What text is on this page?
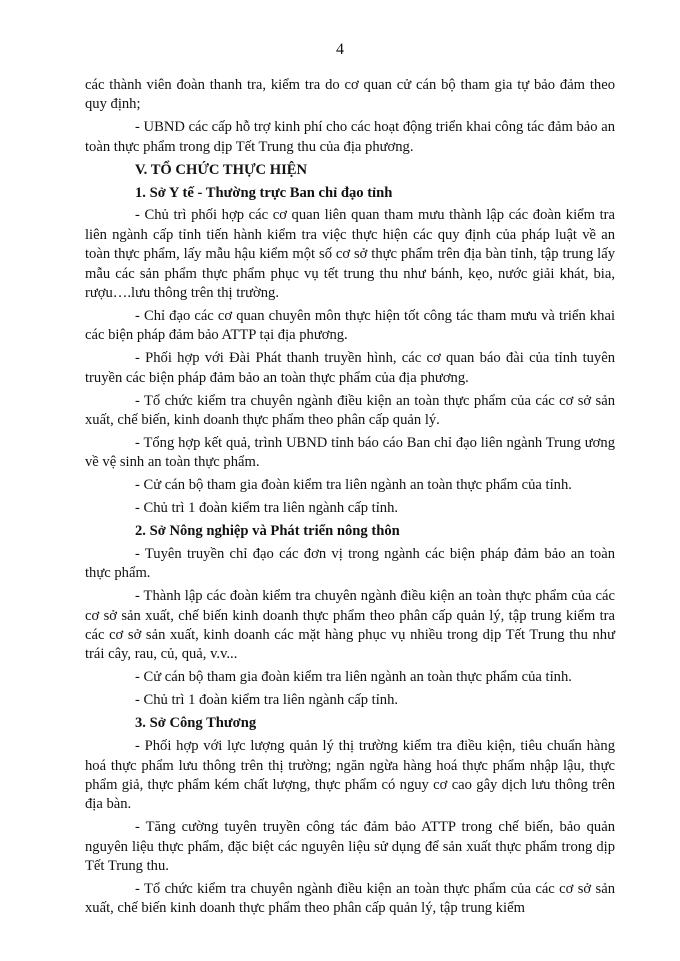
4

các thành viên đoàn thanh tra, kiểm tra do cơ quan cử cán bộ tham gia tự bảo đảm theo quy định;

- UBND các cấp hỗ trợ kinh phí cho các hoạt động triển khai công tác đảm bảo an toàn thực phẩm trong dịp Tết Trung thu của địa phương.

V. TỔ CHỨC THỰC HIỆN

1. Sở Y tế - Thường trực Ban chỉ đạo tỉnh

- Chủ trì phối hợp các cơ quan liên quan tham mưu thành lập các đoàn kiểm tra liên ngành cấp tỉnh tiến hành kiểm tra việc thực hiện các quy định của pháp luật về an toàn thực phẩm, lấy mẫu hậu kiểm một số cơ sở thực phẩm trên địa bàn tỉnh, tập trung lấy mẫu các sản phẩm thực phẩm phục vụ tết trung thu như bánh, kẹo, nước giải khát, bia, rượu….lưu thông trên thị trường.

- Chỉ đạo các cơ quan chuyên môn thực hiện tốt công tác tham mưu và triển khai các biện pháp đảm bảo ATTP tại địa phương.

- Phối hợp với Đài Phát thanh truyền hình, các cơ quan báo đài của tỉnh tuyên truyền các biện pháp đảm bảo an toàn thực phẩm của địa phương.

- Tổ chức kiểm tra chuyên ngành điều kiện an toàn thực phẩm của các cơ sở sản xuất, chế biến, kinh doanh thực phẩm theo phân cấp quản lý.

- Tổng hợp kết quả, trình UBND tỉnh báo cáo Ban chỉ đạo liên ngành Trung ương về vệ sinh an toàn thực phẩm.

- Cử cán bộ tham gia đoàn kiểm tra liên ngành an toàn thực phẩm của tỉnh.

- Chủ trì 1 đoàn kiểm tra liên ngành cấp tỉnh.

2. Sở Nông nghiệp và Phát triển nông thôn

- Tuyên truyền chỉ đạo các đơn vị trong ngành các biện pháp đảm bảo an toàn thực phẩm.

- Thành lập các đoàn kiểm tra chuyên ngành điều kiện an toàn thực phẩm của các cơ sở sản xuất, chế biến kinh doanh thực phẩm theo phân cấp quản lý, tập trung kiểm tra các cơ sở sản xuất, kinh doanh các mặt hàng phục vụ nhiều trong dịp Tết Trung thu như trái cây, rau, củ, quả, v.v...

- Cử cán bộ tham gia đoàn kiểm tra liên ngành an toàn thực phẩm của tỉnh.

- Chủ trì 1 đoàn kiểm tra liên ngành cấp tỉnh.

3. Sở Công Thương

- Phối hợp với lực lượng quản lý thị trường kiểm tra điều kiện, tiêu chuẩn hàng hoá thực phẩm lưu thông trên thị trường; ngăn ngừa hàng hoá thực phẩm nhập lậu, thực phẩm giả, thực phẩm kém chất lượng, thực phẩm có nguy cơ cao gây dịch lưu thông trên địa bàn.

- Tăng cường tuyên truyền công tác đảm bảo ATTP trong chế biến, bảo quản nguyên liệu thực phẩm, đặc biệt các nguyên liệu sử dụng để sản xuất thực phẩm trong dịp Tết Trung thu.

- Tổ chức kiểm tra chuyên ngành điều kiện an toàn thực phẩm của các cơ sở sản xuất, chế biến kinh doanh thực phẩm theo phân cấp quản lý, tập trung kiểm
